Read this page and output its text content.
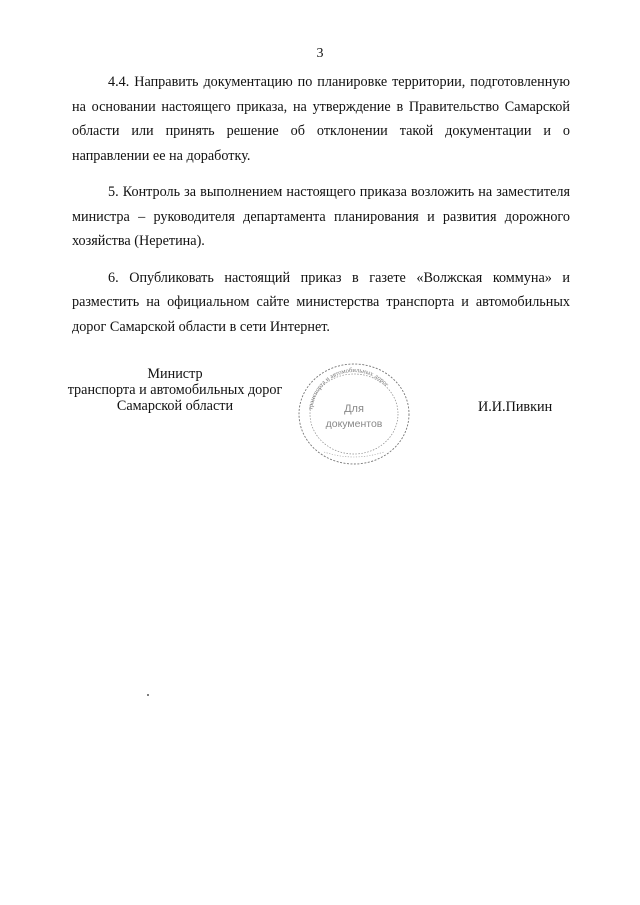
3

4.4. Направить документацию по планировке территории, подготовленную на основании настоящего приказа, на утверждение в Правительство Самарской области или принять решение об отклонении такой документации и о направлении ее на доработку.

5. Контроль за выполнением настоящего приказа возложить на заместителя министра – руководителя департамента планирования и развития дорожного хозяйства (Неретина).

6. Опубликовать настоящий приказ в газете «Волжская коммуна» и разместить на официальном сайте министерства транспорта и автомобильных дорог Самарской области в сети Интернет.

Министр
транспорта и автомобильных дорог
Самарской области	транспорта и автомобильных дорог
Для
документов
И.И.Пивкин
